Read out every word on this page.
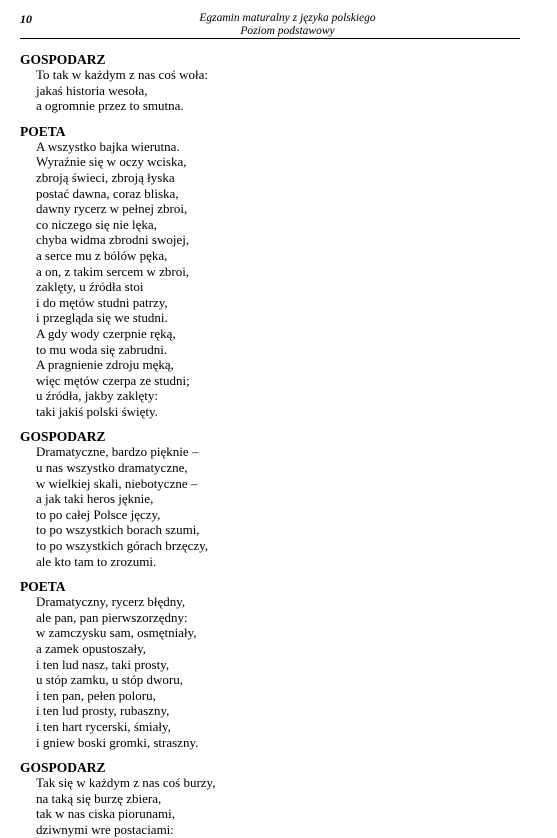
10	Egzamin maturalny z języka polskiego
Poziom podstawowy
GOSPODARZ
To tak w każdym z nas coś woła:
jakaś historia wesoła,
a ogromnie przez to smutna.
POETA
A wszystko bajka wierutna.
Wyraźnie się w oczy wciska,
zbroją świeci, zbroją łyska
postać dawna, coraz bliska,
dawny rycerz w pełnej zbroi,
co niczego się nie lęka,
chyba widma zbrodni swojej,
a serce mu z bólów pęka,
a on, z takim sercem w zbroi,
zaklęty, u źródła stoi
i do mętów studni patrzy,
i przegląda się we studni.
A gdy wody czerpnie ręką,
to mu woda się zabrudni.
A pragnienie zdroju męką,
więc mętów czerpa ze studni;
u źródła, jakby zaklęty:
taki jakiś polski święty.
GOSPODARZ
Dramatyczne, bardzo pięknie –
u nas wszystko dramatyczne,
w wielkiej skali, niebotyczne –
a jak taki heros jęknie,
to po całej Polsce jęczy,
to po wszystkich borach szumi,
to po wszystkich górach brzęczy,
ale kto tam to zrozumi.
POETA
Dramatyczny, rycerz błędny,
ale pan, pan pierwszorzędny:
w zamczysku sam, osmętniały,
a zamek opustoszały,
i ten lud nasz, taki prosty,
u stóp zamku, u stóp dworu,
i ten pan, pełen poloru,
i ten lud prosty, rubaszny,
i ten hart rycerski, śmiały,
i gniew boski gromki, straszny.
GOSPODARZ
Tak się w każdym z nas coś burzy,
na taką się burzę zbiera,
tak w nas ciska piorunami,
dziwnymi wre postaciami:
